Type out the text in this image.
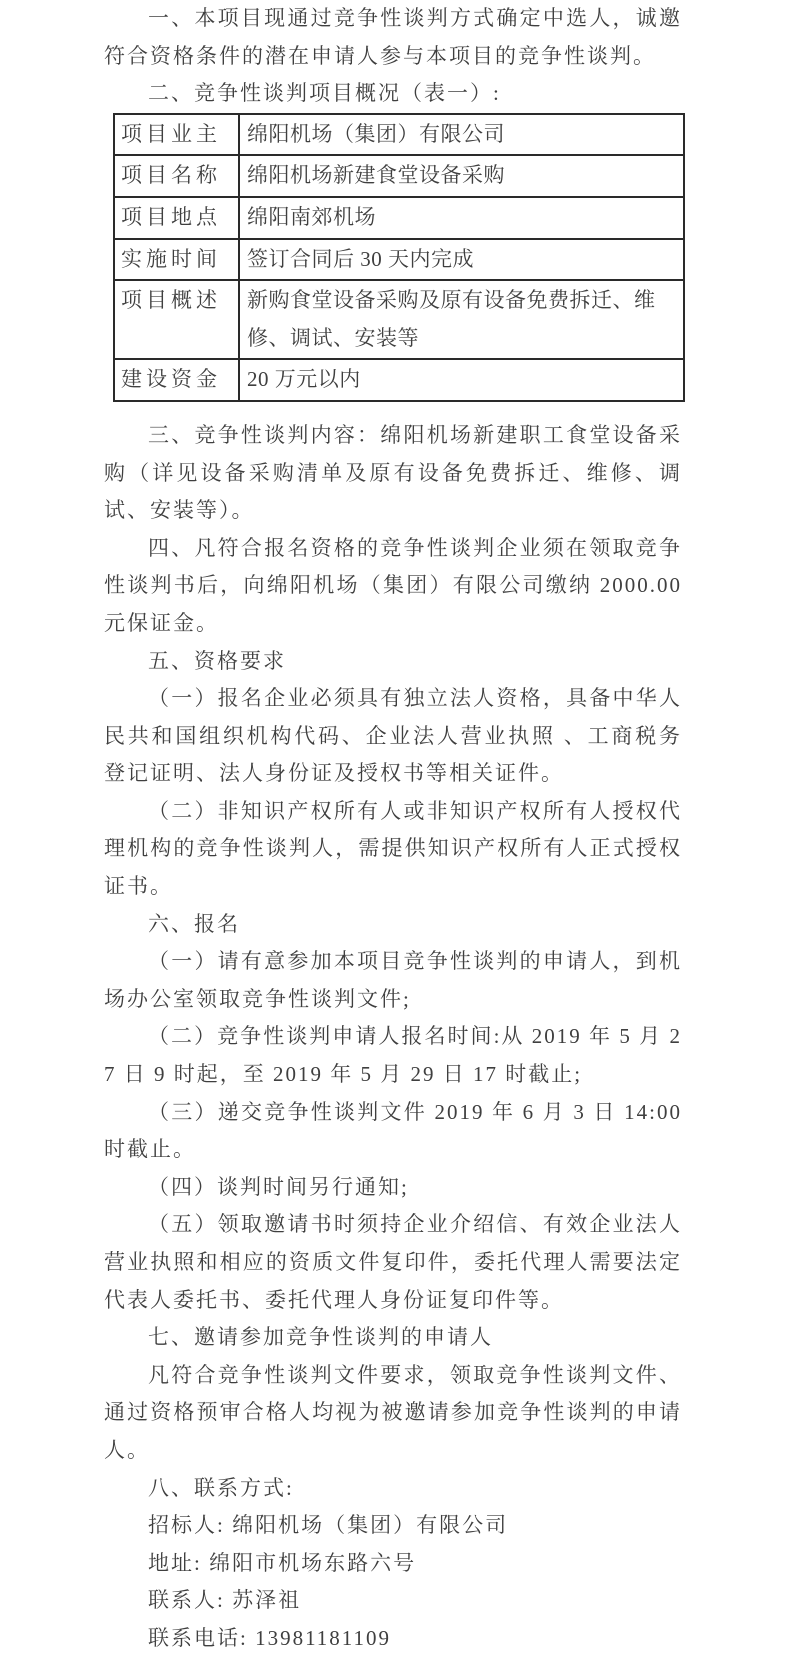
一、本项目现通过竞争性谈判方式确定中选人，诚邀符合资格条件的潜在申请人参与本项目的竞争性谈判。

二、竞争性谈判项目概况（表一）:

项目业主	绵阳机场（集团）有限公司
项目名称	绵阳机场新建食堂设备采购
项目地点	绵阳南郊机场
实施时间	签订合同后 30 天内完成
项目概述	新购食堂设备采购及原有设备免费拆迁、维修、调试、安装等
建设资金	20 万元以内

三、竞争性谈判内容：绵阳机场新建职工食堂设备采购（详见设备采购清单及原有设备免费拆迁、维修、调试、安装等）。

四、凡符合报名资格的竞争性谈判企业须在领取竞争性谈判书后，向绵阳机场（集团）有限公司缴纳 2000.00 元保证金。

五、资格要求

（一）报名企业必须具有独立法人资格，具备中华人民共和国组织机构代码、企业法人营业执照 、工商税务登记证明、法人身份证及授权书等相关证件。

（二）非知识产权所有人或非知识产权所有人授权代理机构的竞争性谈判人，需提供知识产权所有人正式授权证书。

六、报名

（一）请有意参加本项目竞争性谈判的申请人，到机场办公室领取竞争性谈判文件;

（二）竞争性谈判申请人报名时间:从 2019 年 5 月 27 日 9 时起，至 2019 年 5 月 29 日 17 时截止;

（三）递交竞争性谈判文件 2019 年 6 月 3 日 14:00 时截止。

（四）谈判时间另行通知;

（五）领取邀请书时须持企业介绍信、有效企业法人营业执照和相应的资质文件复印件，委托代理人需要法定代表人委托书、委托代理人身份证复印件等。

七、邀请参加竞争性谈判的申请人

凡符合竞争性谈判文件要求，领取竞争性谈判文件、通过资格预审合格人均视为被邀请参加竞争性谈判的申请人。

八、联系方式:

招标人: 绵阳机场（集团）有限公司

地址: 绵阳市机场东路六号

联系人: 苏泽祖

联系电话: 13981181109
